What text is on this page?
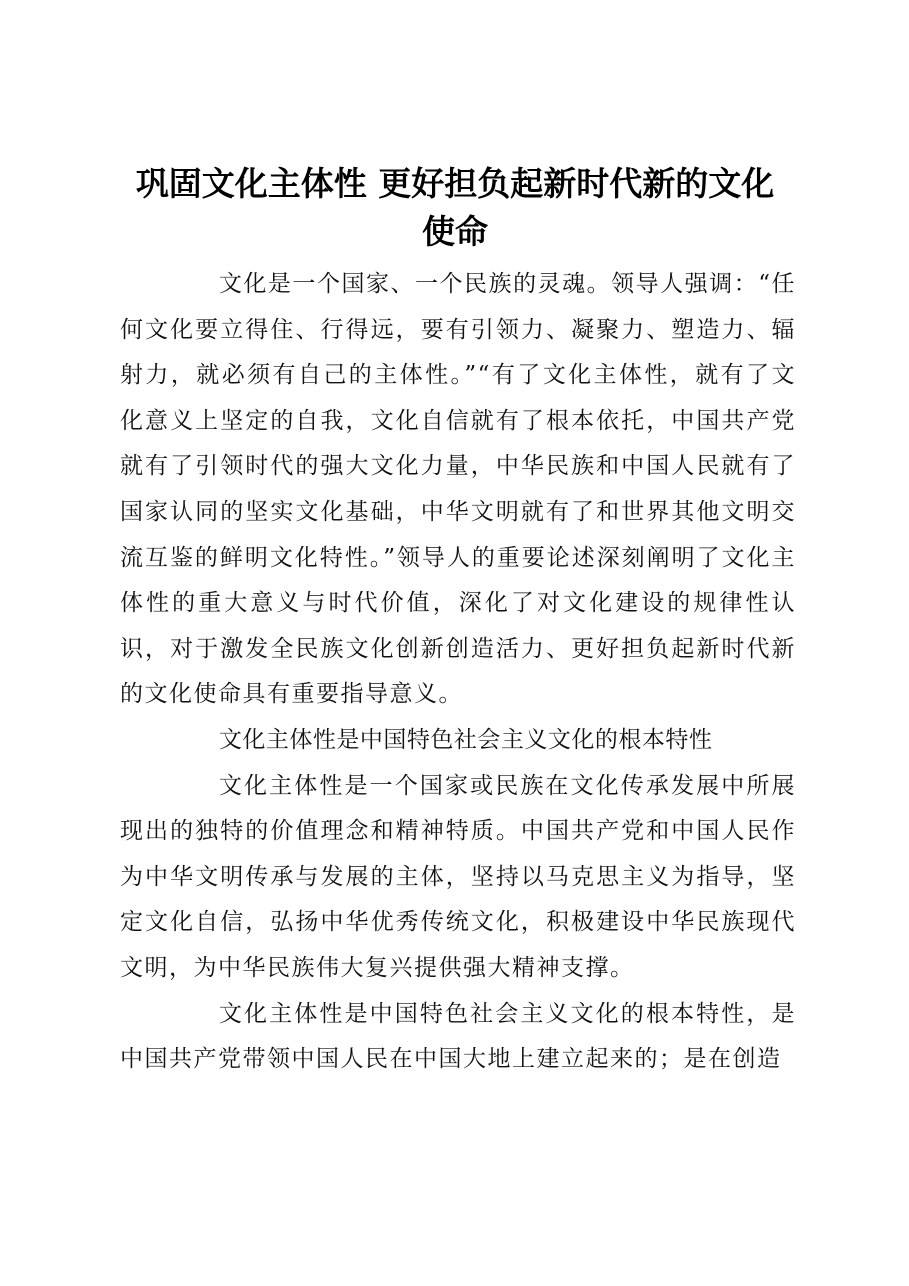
巩固文化主体性 更好担负起新时代新的文化使命

文化是一个国家、一个民族的灵魂。领导人强调：“任何文化要立得住、行得远，要有引领力、凝聚力、塑造力、辐射力，就必须有自己的主体性。”“有了文化主体性，就有了文化意义上坚定的自我，文化自信就有了根本依托，中国共产党就有了引领时代的强大文化力量，中华民族和中国人民就有了国家认同的坚实文化基础，中华文明就有了和世界其他文明交流互鉴的鲜明文化特性。”领导人的重要论述深刻阐明了文化主体性的重大意义与时代价值，深化了对文化建设的规律性认识，对于激发全民族文化创新创造活力、更好担负起新时代新的文化使命具有重要指导意义。

文化主体性是中国特色社会主义文化的根本特性

文化主体性是一个国家或民族在文化传承发展中所展现出的独特的价值理念和精神特质。中国共产党和中国人民作为中华文明传承与发展的主体，坚持以马克思主义为指导，坚定文化自信，弘扬中华优秀传统文化，积极建设中华民族现代文明，为中华民族伟大复兴提供强大精神支撑。

文化主体性是中国特色社会主义文化的根本特性，是中国共产党带领中国人民在中国大地上建立起来的；是在创造
